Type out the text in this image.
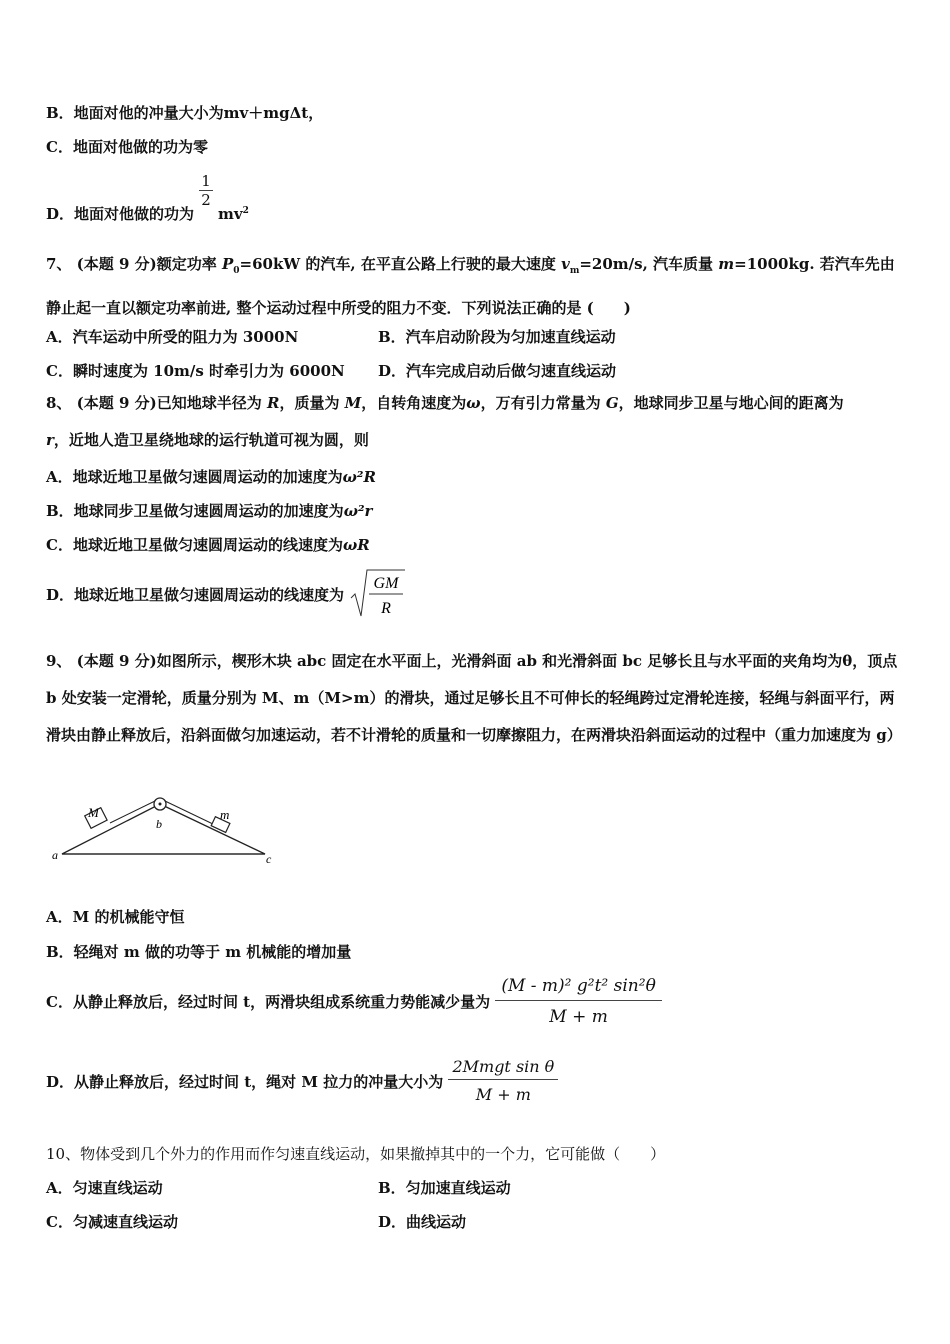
B．地面对他的冲量大小为mv＋mgΔt，
C．地面对他做的功为零
D．地面对他做的功为
$\frac{1}{2}$
$mv^2$
7、 (本题 9 分)额定功率 $P_0=60kW$ 的汽车, 在平直公路上行驶的最大速度 $v_m=20m/s$, 汽车质量 m=1000kg. 若汽车先由静止起一直以额定功率前进, 整个运动过程中所受的阻力不变．下列说法正确的是 (　　)
A．汽车运动中所受的阻力为 3000N	B．汽车启动阶段为匀加速直线运动
C．瞬时速度为 10m/s 时牵引力为 6000N D．汽车完成启动后做匀速直线运动
8、 (本题 9 分)已知地球半径为 R，质量为 M，自转角速度为ω，万有引力常量为 G，地球同步卫星与地心间的距离为
r，近地人造卫星绕地球的运行轨道可视为圆，则
A．地球近地卫星做匀速圆周运动的加速度为ω²R
B．地球同步卫星做匀速圆周运动的加速度为ω²r
C．地球近地卫星做匀速圆周运动的线速度为ωR
D．地球近地卫星做匀速圆周运动的线速度为
GM
R
9、 (本题 9 分)如图所示，楔形木块 abc 固定在水平面上，光滑斜面 ab 和光滑斜面 bc 足够长且与水平面的夹角均为θ，顶点 b 处安装一定滑轮，质量分别为 M、m（M>m）的滑块，通过足够长且不可伸长的轻绳跨过定滑轮连接，轻绳与斜面平行，两滑块由静止释放后，沿斜面做匀加速运动，若不计滑轮的质量和一切摩擦阻力，在两滑块沿斜面运动的过程中（重力加速度为 g）
M	m
b
a	c
A．M 的机械能守恒
B．轻绳对 m 做的功等于 m 机械能的增加量
C．从静止释放后，经过时间 t，两滑块组成系统重力势能减少量为 $\frac{\text{(M - m)² g²t² sin²θ}}{M + m}$
D．从静止释放后，经过时间 t，绳对 M 拉力的冲量大小为 $\frac{\text{2Mmgt sin θ}}{M + m}$
10、物体受到几个外力的作用而作匀速直线运动，如果撤掉其中的一个力，它可能做（　　）
A．匀速直线运动	B．匀加速直线运动
C．匀减速直线运动	D．曲线运动
